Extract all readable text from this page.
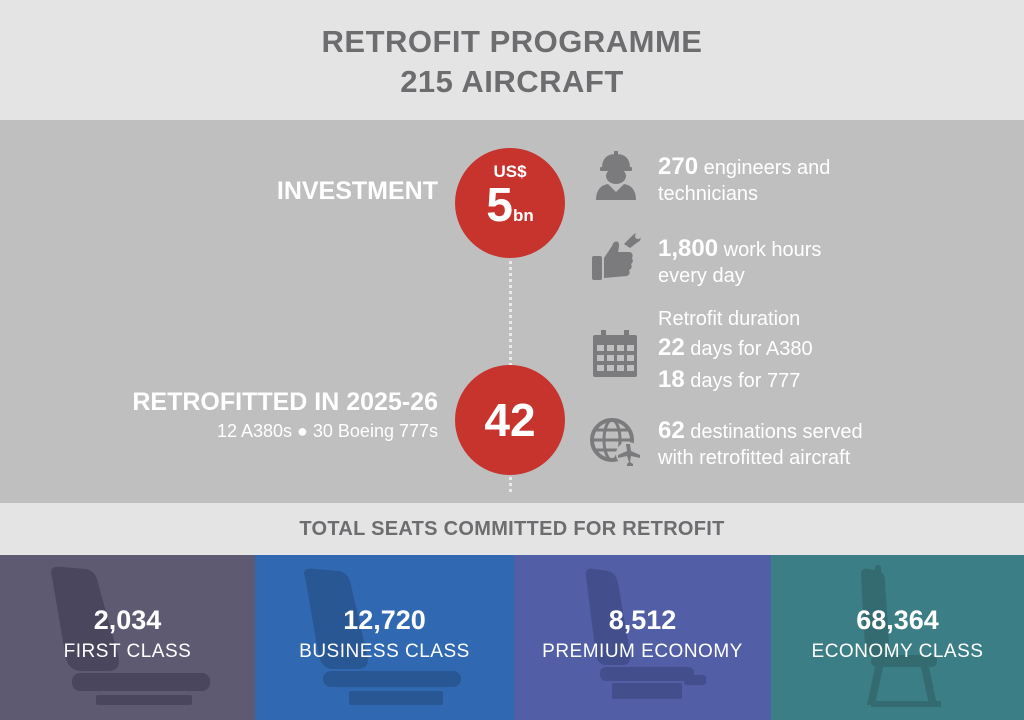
RETROFIT PROGRAMME
215 AIRCRAFT
INVESTMENT
US$
5bn
RETROFITTED IN 2025-26
12 A380s ● 30 Boeing 777s	42
270 engineers and
technicians
1,800 work hours
every day
Retrofit duration
22 days for A380
18 days for 777
62 destinations served
with retrofitted aircraft
TOTAL SEATS COMMITTED FOR RETROFIT
2,034
FIRST CLASS
12,720
BUSINESS CLASS
8,512
PREMIUM ECONOMY
68,364
ECONOMY CLASS
